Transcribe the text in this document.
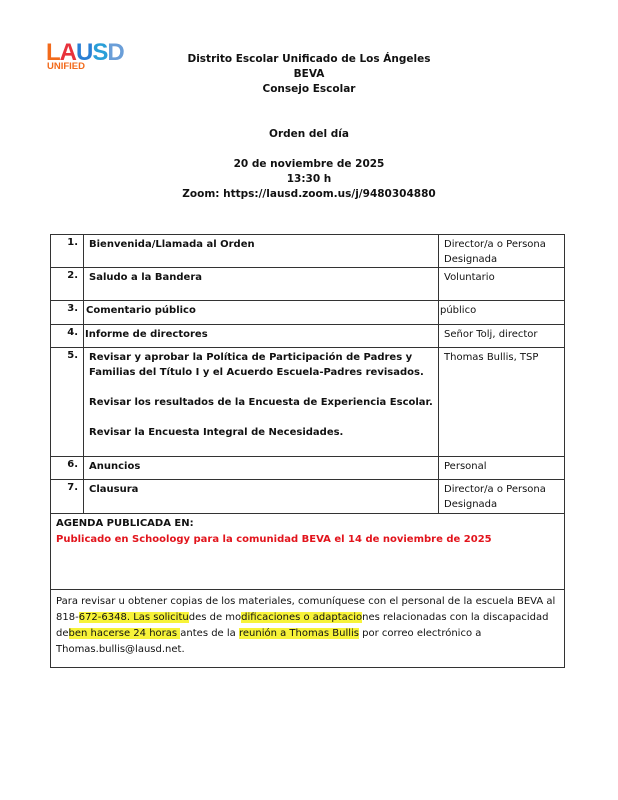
LAUSD
UNIFIED
Distrito Escolar Unificado de Los Ángeles
BEVA
Consejo Escolar
Orden del día
20 de noviembre de 2025
13:30 h
Zoom: https://lausd.zoom.us/j/9480304880
1.	Bienvenida/Llamada al Orden	Director/a o Persona Designada
2.	Saludo a la Bandera	Voluntario
3.	Comentario público	público
4.	Informe de directores	Señor Tolj, director
5.	Revisar y aprobar la Política de Participación de Padres y Familias del Título I y el Acuerdo Escuela-Padres revisados.

Revisar los resultados de la Encuesta de Experiencia Escolar.

Revisar la Encuesta Integral de Necesidades.	Thomas Bullis, TSP
6.	Anuncios	Personal
7.	Clausura	Director/a o Persona Designada

AGENDA PUBLICADA EN:
Publicado en Schoology para la comunidad BEVA el 14 de noviembre de 2025		

Para revisar u obtener copias de los materiales, comuníquese con el personal de la escuela BEVA al 818-672-6348. Las solicitudes de modificaciones o adaptaciones relacionadas con la discapacidad deben hacerse 24 horas antes de la reunión a Thomas Bullis por correo electrónico a Thomas.bullis@lausd.net.		
